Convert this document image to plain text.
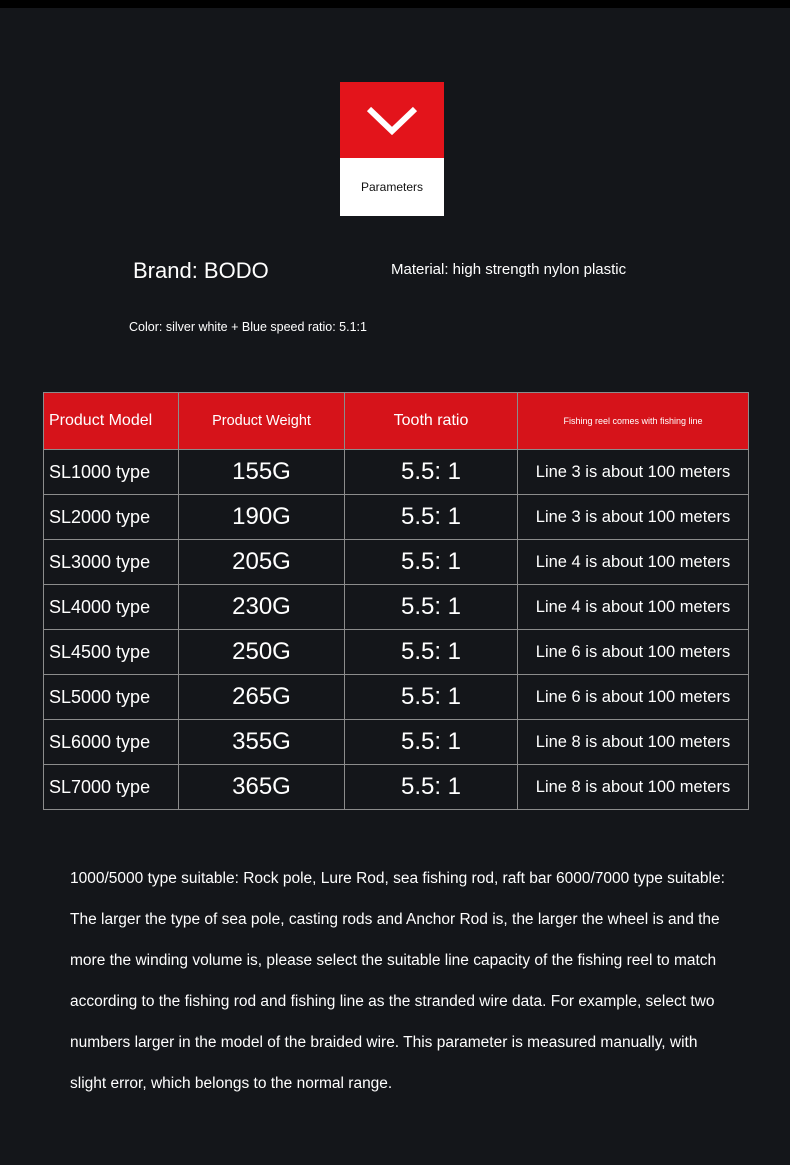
Parameters
Brand: BODO	Material: high strength nylon plastic
Color: silver white + Blue speed ratio: 5.1:1
Product Model	Product Weight	Tooth ratio	Fishing reel comes with fishing line
SL1000 type	155G	5.5: 1	Line 3 is about 100 meters
SL2000 type	190G	5.5: 1	Line 3 is about 100 meters
SL3000 type	205G	5.5: 1	Line 4 is about 100 meters
SL4000 type	230G	5.5: 1	Line 4 is about 100 meters
SL4500 type	250G	5.5: 1	Line 6 is about 100 meters
SL5000 type	265G	5.5: 1	Line 6 is about 100 meters
SL6000 type	355G	5.5: 1	Line 8 is about 100 meters
SL7000 type	365G	5.5: 1	Line 8 is about 100 meters

1000/5000 type suitable: Rock pole, Lure Rod, sea fishing rod, raft bar 6000/7000 type suitable: The larger the type of sea pole, casting rods and Anchor Rod is, the larger the wheel is and the more the winding volume is, please select the suitable line capacity of the fishing reel to match according to the fishing rod and fishing line as the stranded wire data. For example, select two numbers larger in the model of the braided wire. This parameter is measured manually, with slight error, which belongs to the normal range.
